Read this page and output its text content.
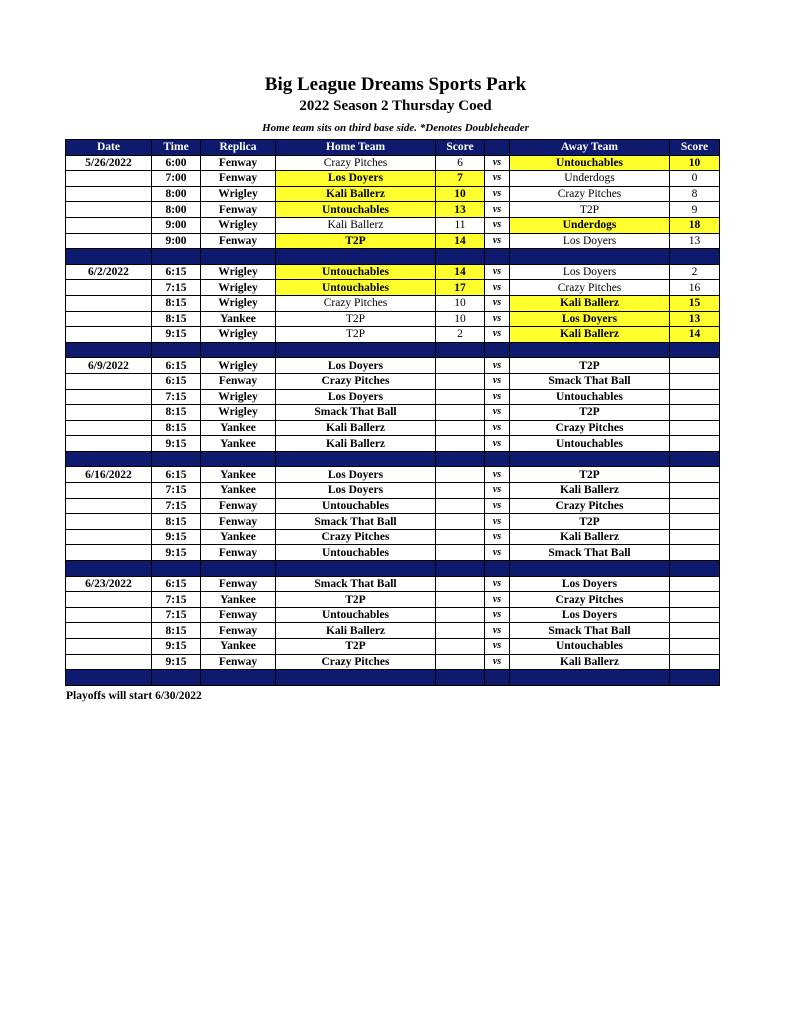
Big League Dreams Sports Park
2022 Season 2 Thursday Coed
Home team sits on third base side. *Denotes Doubleheader
Date	Time	Replica	Home Team	Score		Away Team	Score
5/26/2022	6:00	Fenway	Crazy Pitches	6	vs	Untouchables	10
	7:00	Fenway	Los Doyers	7	vs	Underdogs	0
	8:00	Wrigley	Kali Ballerz	10	vs	Crazy Pitches	8
	8:00	Fenway	Untouchables	13	vs	T2P	9
	9:00	Wrigley	Kali Ballerz	11	vs	Underdogs	18
	9:00	Fenway	T2P	14	vs	Los Doyers	13

6/2/2022	6:15	Wrigley	Untouchables	14	vs	Los Doyers	2
	7:15	Wrigley	Untouchables	17	vs	Crazy Pitches	16
	8:15	Wrigley	Crazy Pitches	10	vs	Kali Ballerz	15
	8:15	Yankee	T2P	10	vs	Los Doyers	13
	9:15	Wrigley	T2P	2	vs	Kali Ballerz	14

6/9/2022	6:15	Wrigley	Los Doyers		vs	T2P	
	6:15	Fenway	Crazy Pitches		vs	Smack That Ball	
	7:15	Wrigley	Los Doyers		vs	Untouchables	
	8:15	Wrigley	Smack That Ball		vs	T2P	
	8:15	Yankee	Kali Ballerz		vs	Crazy Pitches	
	9:15	Yankee	Kali Ballerz		vs	Untouchables	

6/16/2022	6:15	Yankee	Los Doyers		vs	T2P	
	7:15	Yankee	Los Doyers		vs	Kali Ballerz	
	7:15	Fenway	Untouchables		vs	Crazy Pitches	
	8:15	Fenway	Smack That Ball		vs	T2P	
	9:15	Yankee	Crazy Pitches		vs	Kali Ballerz	
	9:15	Fenway	Untouchables		vs	Smack That Ball	

6/23/2022	6:15	Fenway	Smack That Ball		vs	Los Doyers	
	7:15	Yankee	T2P		vs	Crazy Pitches	
	7:15	Fenway	Untouchables		vs	Los Doyers	
	8:15	Fenway	Kali Ballerz		vs	Smack That Ball	
	9:15	Yankee	T2P		vs	Untouchables	
	9:15	Fenway	Crazy Pitches		vs	Kali Ballerz	

Playoffs will start 6/30/2022
